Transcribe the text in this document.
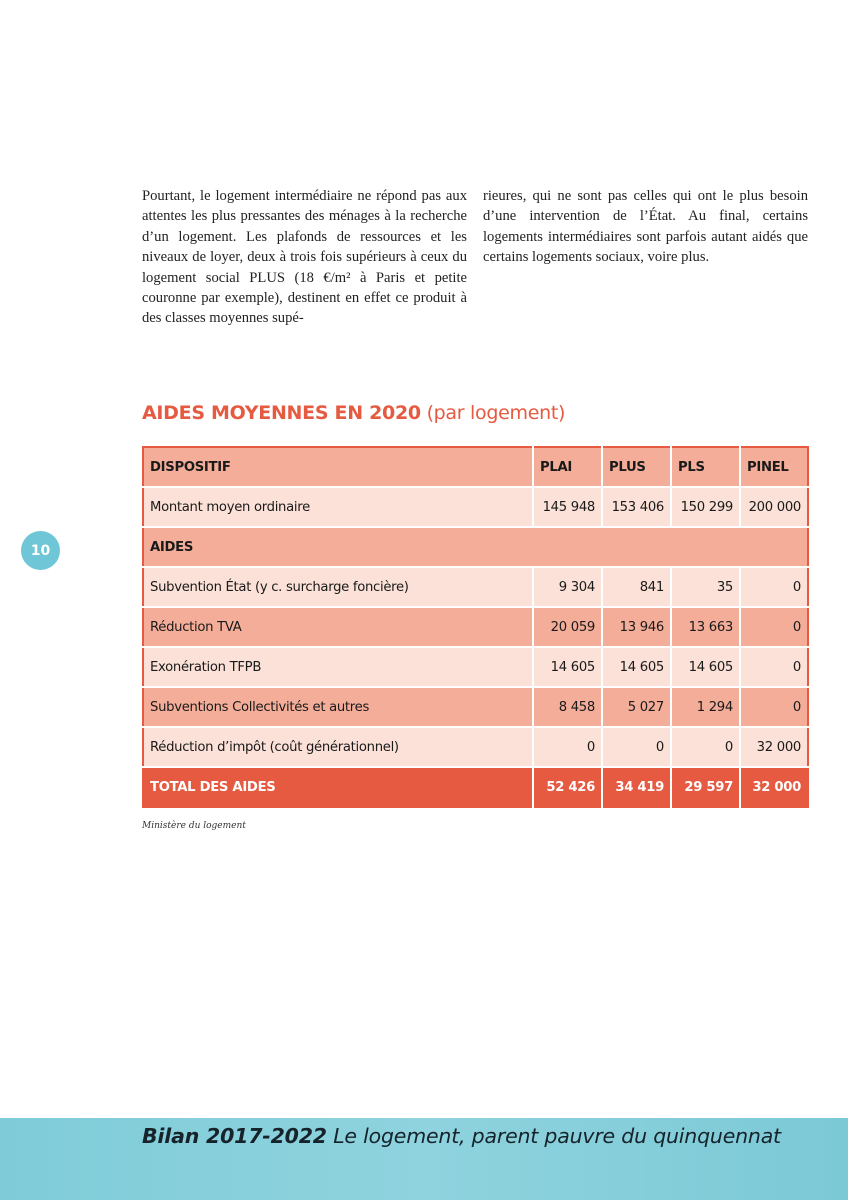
Pourtant, le logement intermédiaire ne répond pas aux attentes les plus pressantes des ménages à la recherche d’un logement. Les plafonds de ressources et les niveaux de loyer, deux à trois fois supérieurs à ceux du logement social PLUS (18 €/m² à Paris et petite couronne par exemple), destinent en effet ce produit à des classes moyennes supé-

rieures, qui ne sont pas celles qui ont le plus besoin d’une intervention de l’État. Au final, certains logements intermédiaires sont parfois autant aidés que certains logements sociaux, voire plus.

AIDES MOYENNES EN 2020 (par logement)
DISPOSITIF	PLAI	PLUS	PLS	PINEL
Montant moyen ordinaire	145 948	153 406	150 299	200 000
AIDES				
Subvention État (y c. surcharge foncière)	9 304	841	35	0
Réduction TVA	20 059	13 946	13 663	0
Exonération TFPB	14 605	14 605	14 605	0
Subventions Collectivités et autres	8 458	5 027	1 294	0
Réduction d’impôt (coût générationnel)	0	0	0	32 000
TOTAL DES AIDES	52 426	34 419	29 597	32 000
Ministère du logement
10

Bilan 2017-2022 Le logement, parent pauvre du quinquennat
